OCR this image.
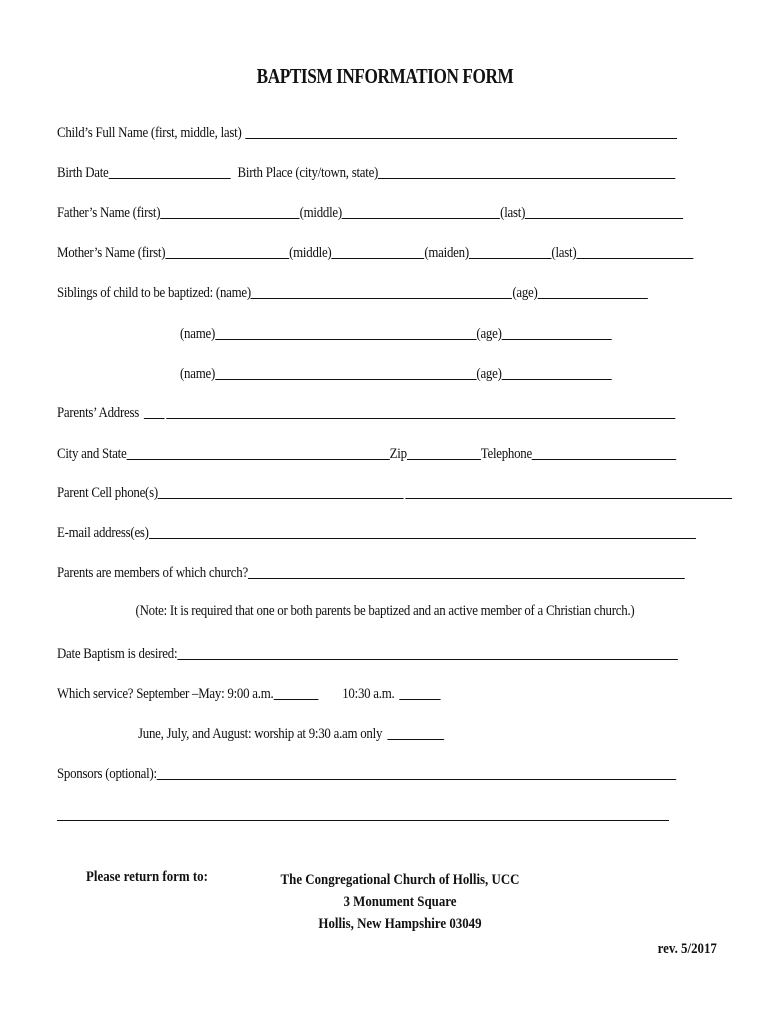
BAPTISM INFORMATION FORM
Child’s Full Name (first, middle, last)
Birth Date	Birth Place (city/town, state)
Father’s Name (first)	(middle)	(last)
Mother’s Name (first)	(middle)	(maiden)	(last)
Siblings of child to be baptized: (name)	(age)
(name)	(age)
(name)	(age)
Parents’ Address
City and State	Zip	Telephone
Parent Cell phone(s)
E-mail address(es)
Parents are members of which church?
(Note: It is required that one or both parents be baptized and an active member of a Christian church.)
Date Baptism is desired:
Which service? September –May: 9:00 a.m.	10:30 a.m.
June, July, and August: worship at 9:30 a.am only
Sponsors (optional):
Please return form to:	The Congregational Church of Hollis, UCC
3 Monument Square
Hollis, New Hampshire 03049
rev. 5/2017
